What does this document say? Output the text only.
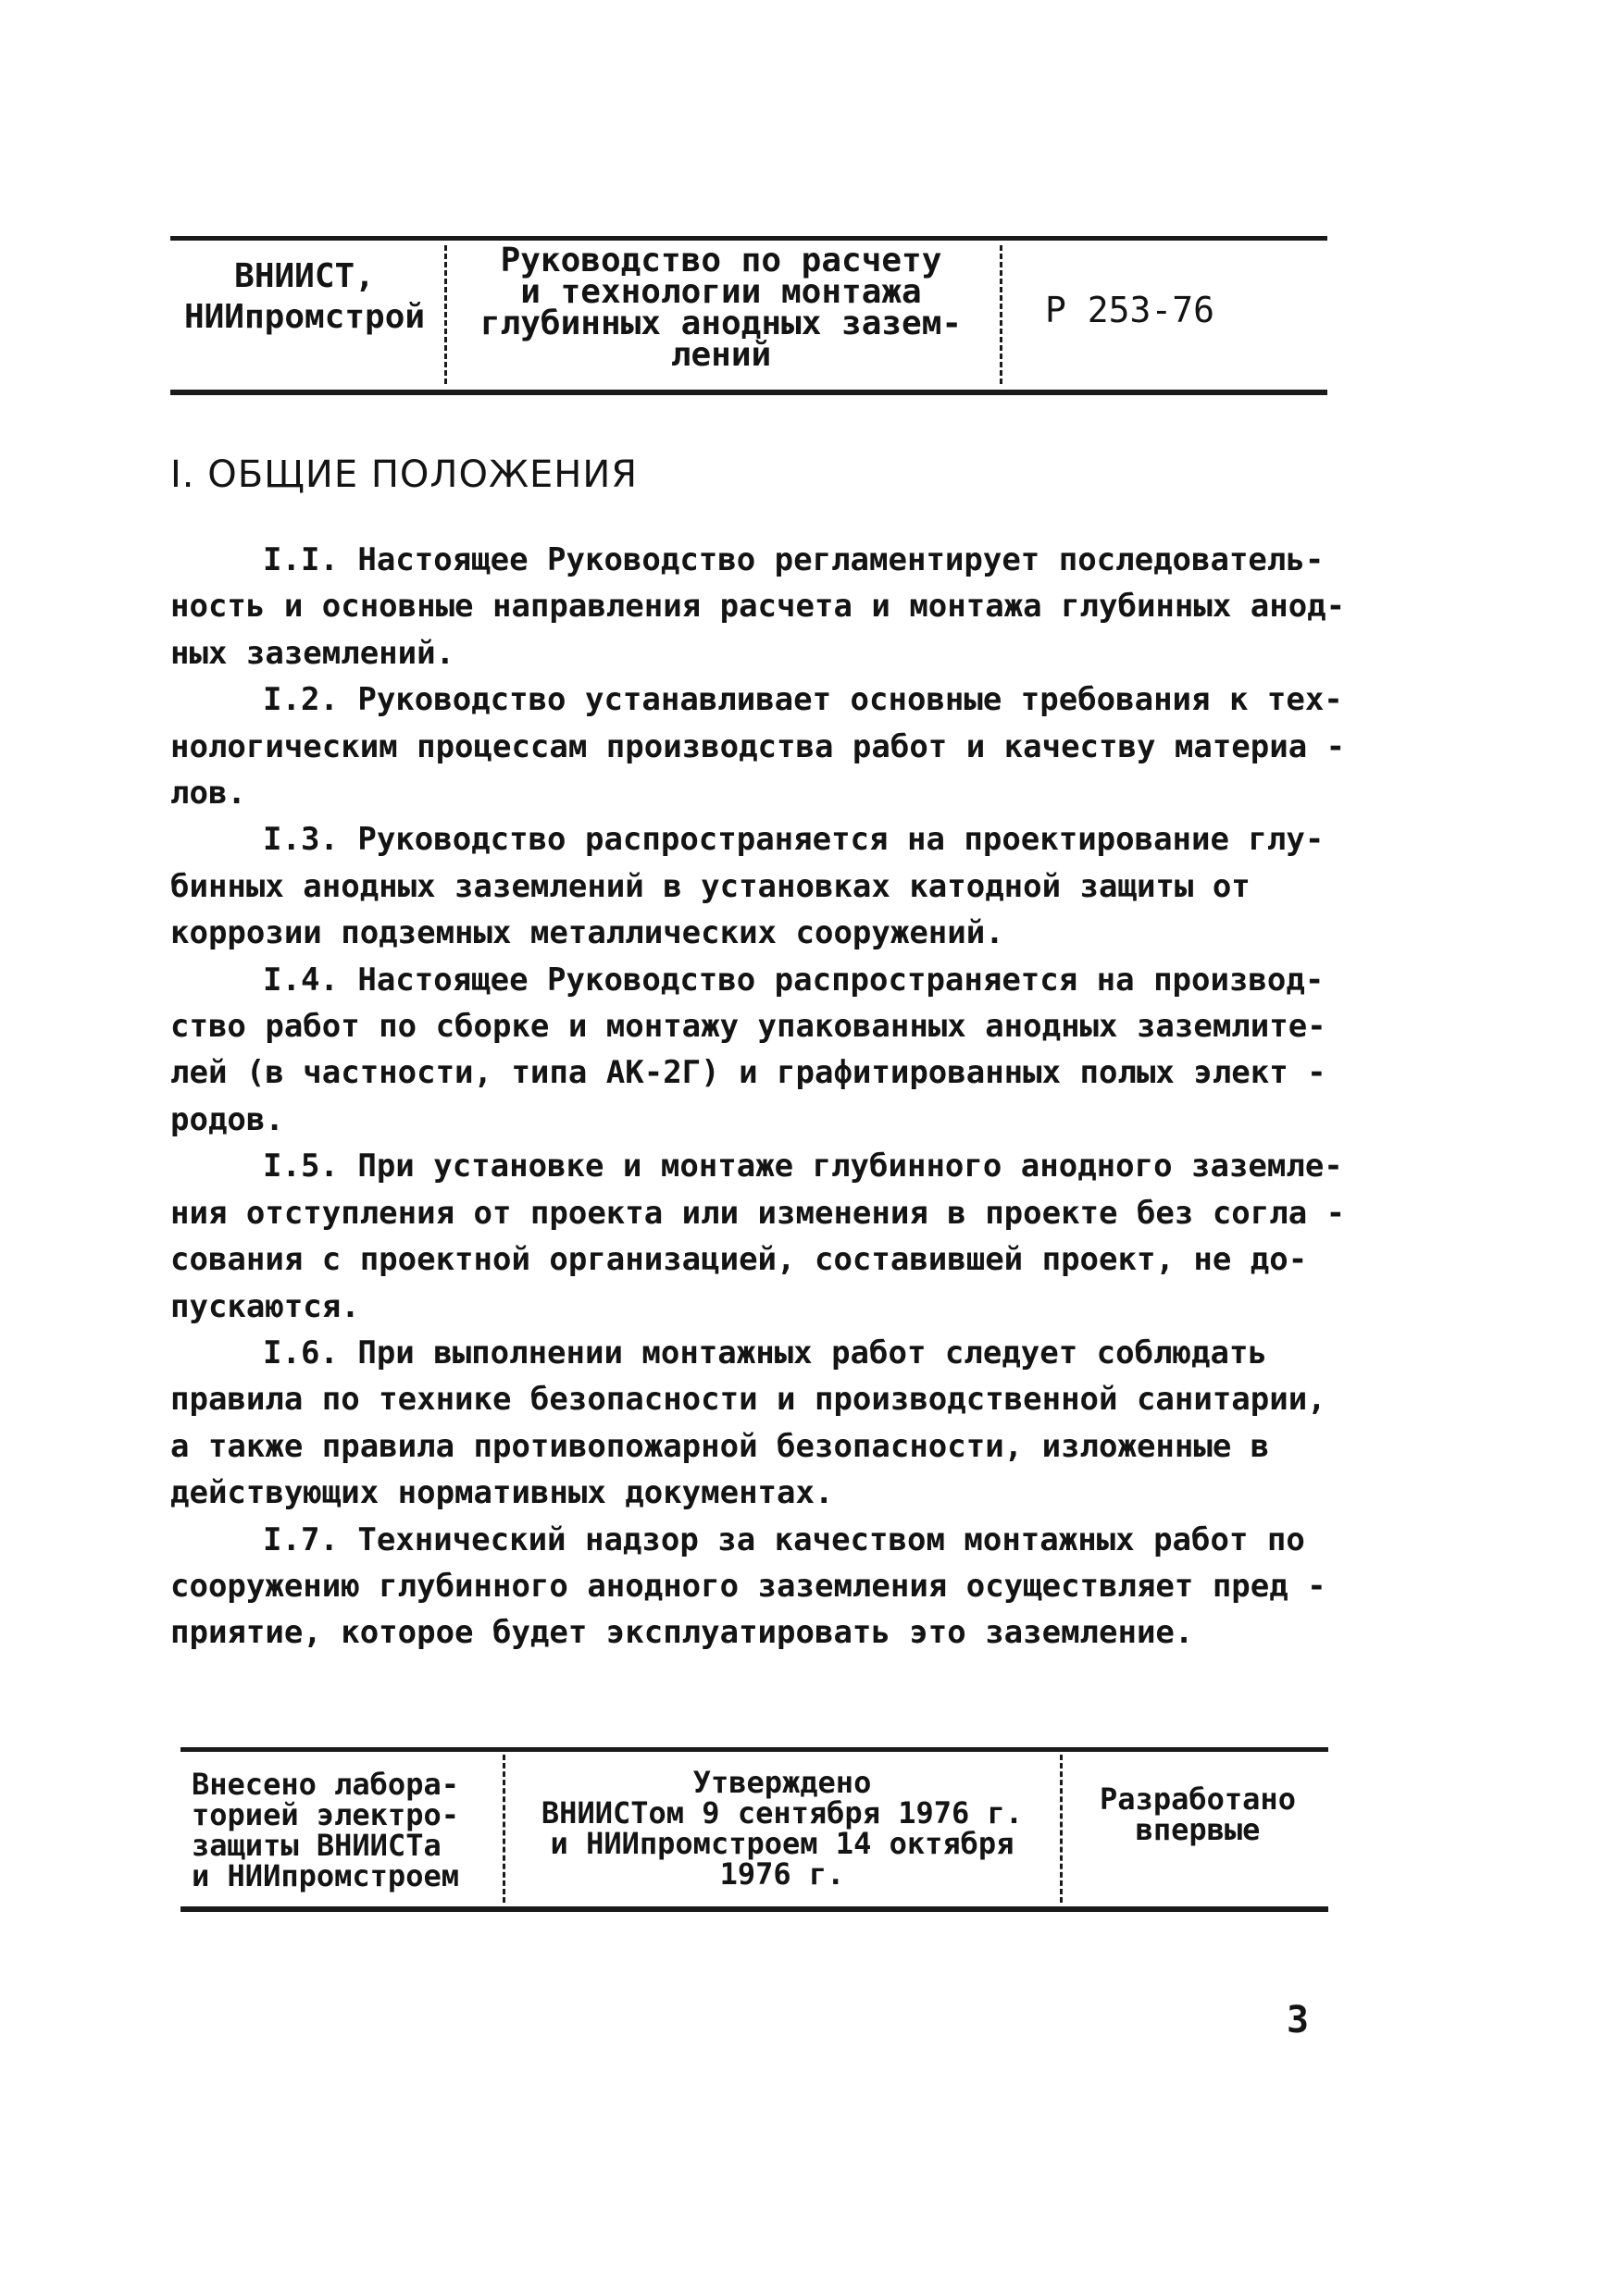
ВНИИСТ,
НИИпромстрой
Руководство по расчету
и технологии монтажа
глубинных анодных зазем-
лений
Р 253-76
I. ОБЩИЕ ПОЛОЖЕНИЯ
I.I. Настоящее Руководство регламентирует последователь-
ность и основные направления расчета и монтажа глубинных анод-
ных заземлений.
I.2. Руководство устанавливает основные требования к тех-
нологическим процессам производства работ и качеству материа -
лов.
I.3. Руководство распространяется на проектирование глу-
бинных анодных заземлений в установках катодной защиты от
коррозии подземных металлических сооружений.
I.4. Настоящее Руководство распространяется на производ-
ство работ по сборке и монтажу упакованных анодных заземлите-
лей (в частности, типа АК-2Г) и графитированных полых элект -
родов.
I.5. При установке и монтаже глубинного анодного заземле-
ния отступления от проекта или изменения в проекте без согла -
сования с проектной организацией, составившей проект, не до-
пускаются.
I.6. При выполнении монтажных работ следует соблюдать
правила по технике безопасности и производственной санитарии,
а также правила противопожарной безопасности, изложенные в
действующих нормативных документах.
I.7. Технический надзор за качеством монтажных работ по
сооружению глубинного анодного заземления осуществляет пред -
приятие, которое будет эксплуатировать это заземление.
Внесено лабора-
торией электро-
защиты ВНИИСТа
и НИИпромстроем
Утверждено
ВНИИСТом 9 сентября 1976 г.
и НИИпромстроем 14 октября
1976 г.
Разработано
впервые
3
